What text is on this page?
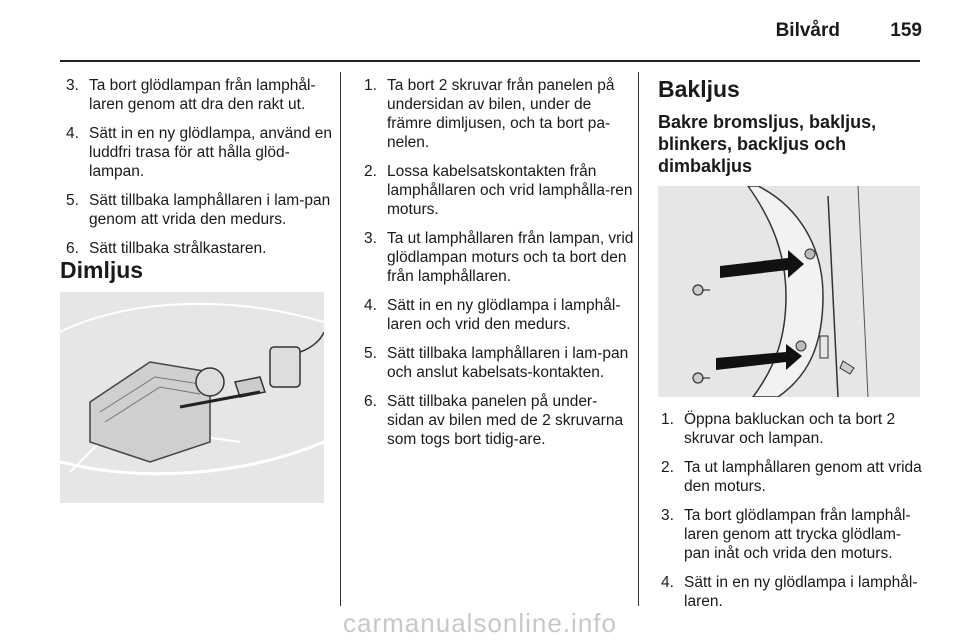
Bilvård	159
3. Ta bort glödlampan från lamphål-laren genom att dra den rakt ut.
4. Sätt in en ny glödlampa, använd en luddfri trasa för att hålla glöd-lampan.
5. Sätt tillbaka lamphållaren i lam-pan genom att vrida den medurs.
6. Sätt tillbaka strålkastaren.
Dimljus
1. Ta bort 2 skruvar från panelen på undersidan av bilen, under de främre dimljusen, och ta bort pa-nelen.
2. Lossa kabelsatskontakten från lamphållaren och vrid lamphålla-ren moturs.
3. Ta ut lamphållaren från lampan, vrid glödlampan moturs och ta bort den från lamphållaren.
4. Sätt in en ny glödlampa i lamphål-laren och vrid den medurs.
5. Sätt tillbaka lamphållaren i lam-pan och anslut kabelsats-kontakten.
6. Sätt tillbaka panelen på under-sidan av bilen med de 2 skruvarna som togs bort tidig-are.
Bakljus
Bakre bromsljus, bakljus, blinkers, backljus och dimbakljus
1. Öppna bakluckan och ta bort 2 skruvar och lampan.
2. Ta ut lamphållaren genom att vrida den moturs.
3. Ta bort glödlampan från lamphål-laren genom att trycka glödlam-pan inåt och vrida den moturs.
4. Sätt in en ny glödlampa i lamphål-laren.
carmanualsonline.info
